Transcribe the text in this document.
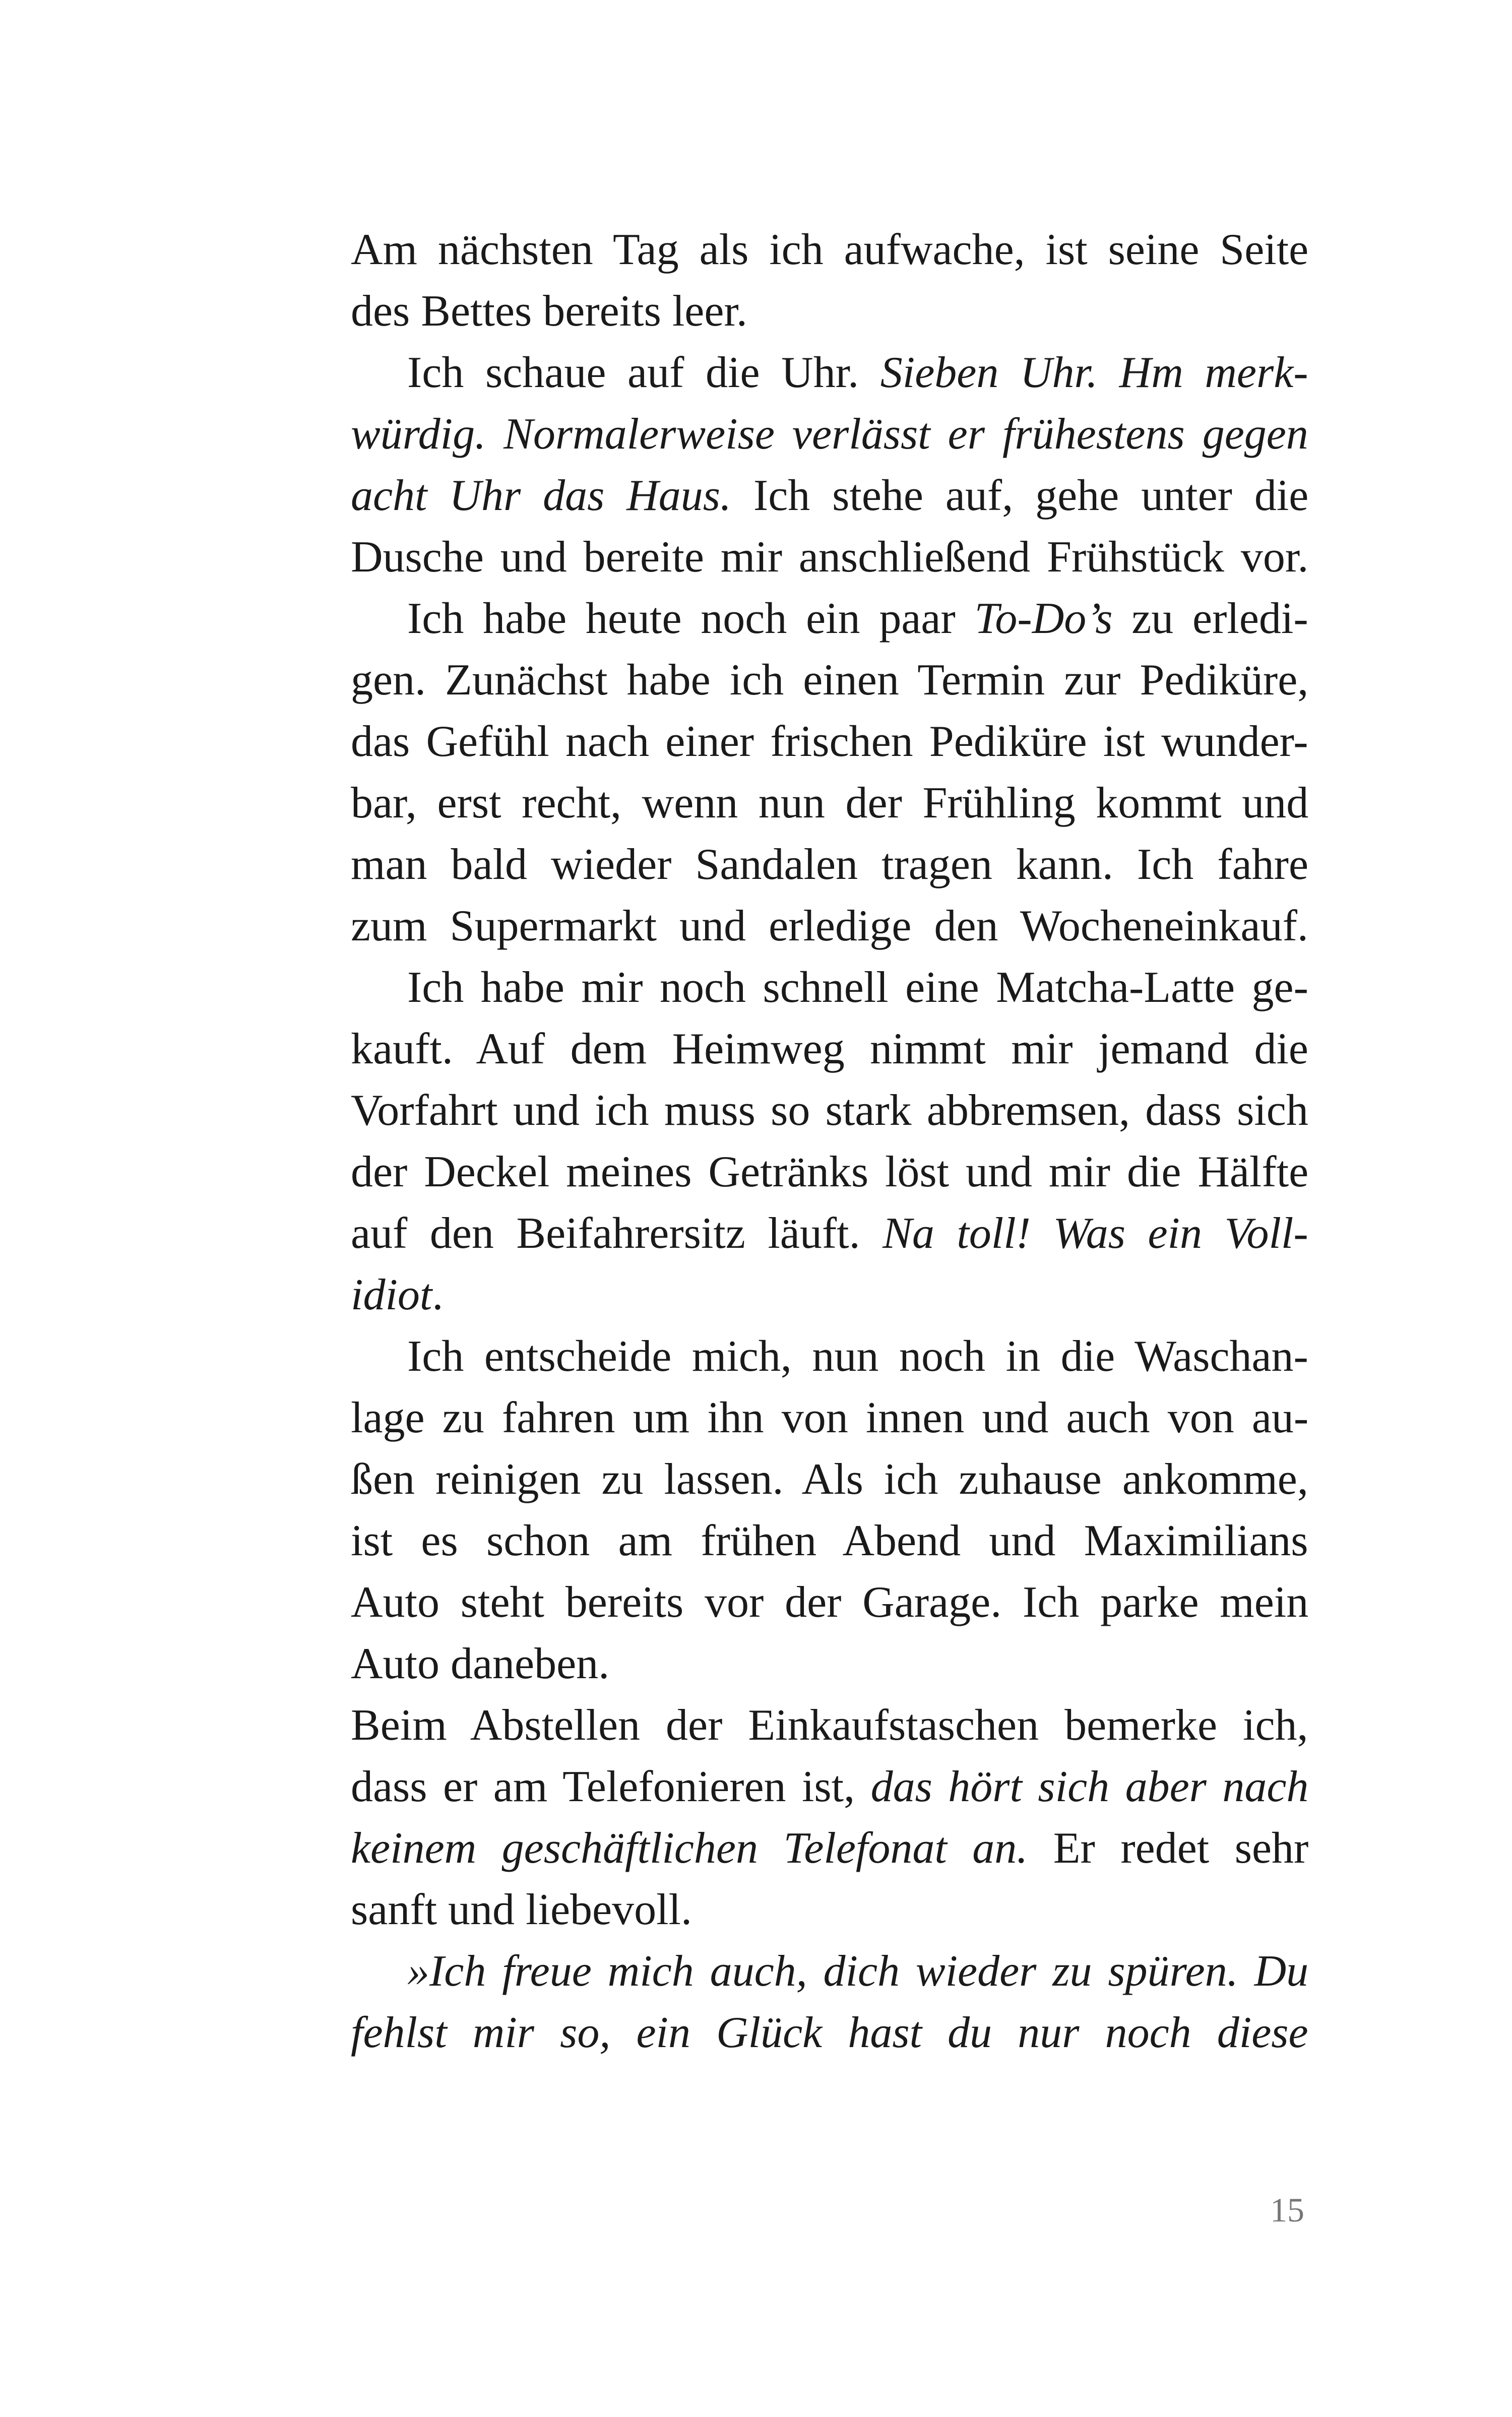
Am nächsten Tag als ich aufwache, ist seine Seite
des Bettes bereits leer.
Ich schaue auf die Uhr. Sieben Uhr. Hm merk-
würdig. Normalerweise verlässt er frühestens gegen
acht Uhr das Haus. Ich stehe auf, gehe unter die
Dusche und bereite mir anschließend Frühstück vor.
Ich habe heute noch ein paar To-Do’s zu erledi-
gen. Zunächst habe ich einen Termin zur Pediküre,
das Gefühl nach einer frischen Pediküre ist wunder-
bar, erst recht, wenn nun der Frühling kommt und
man bald wieder Sandalen tragen kann. Ich fahre
zum Supermarkt und erledige den Wocheneinkauf.
Ich habe mir noch schnell eine Matcha-Latte ge-
kauft. Auf dem Heimweg nimmt mir jemand die
Vorfahrt und ich muss so stark abbremsen, dass sich
der Deckel meines Getränks löst und mir die Hälfte
auf den Beifahrersitz läuft. Na toll! Was ein Voll-
idiot.
Ich entscheide mich, nun noch in die Waschan-
lage zu fahren um ihn von innen und auch von au-
ßen reinigen zu lassen. Als ich zuhause ankomme,
ist es schon am frühen Abend und Maximilians
Auto steht bereits vor der Garage. Ich parke mein
Auto daneben.
Beim Abstellen der Einkaufstaschen bemerke ich,
dass er am Telefonieren ist, das hört sich aber nach
keinem geschäftlichen Telefonat an. Er redet sehr
sanft und liebevoll.
»Ich freue mich auch, dich wieder zu spüren. Du
fehlst mir so, ein Glück hast du nur noch diese
15
